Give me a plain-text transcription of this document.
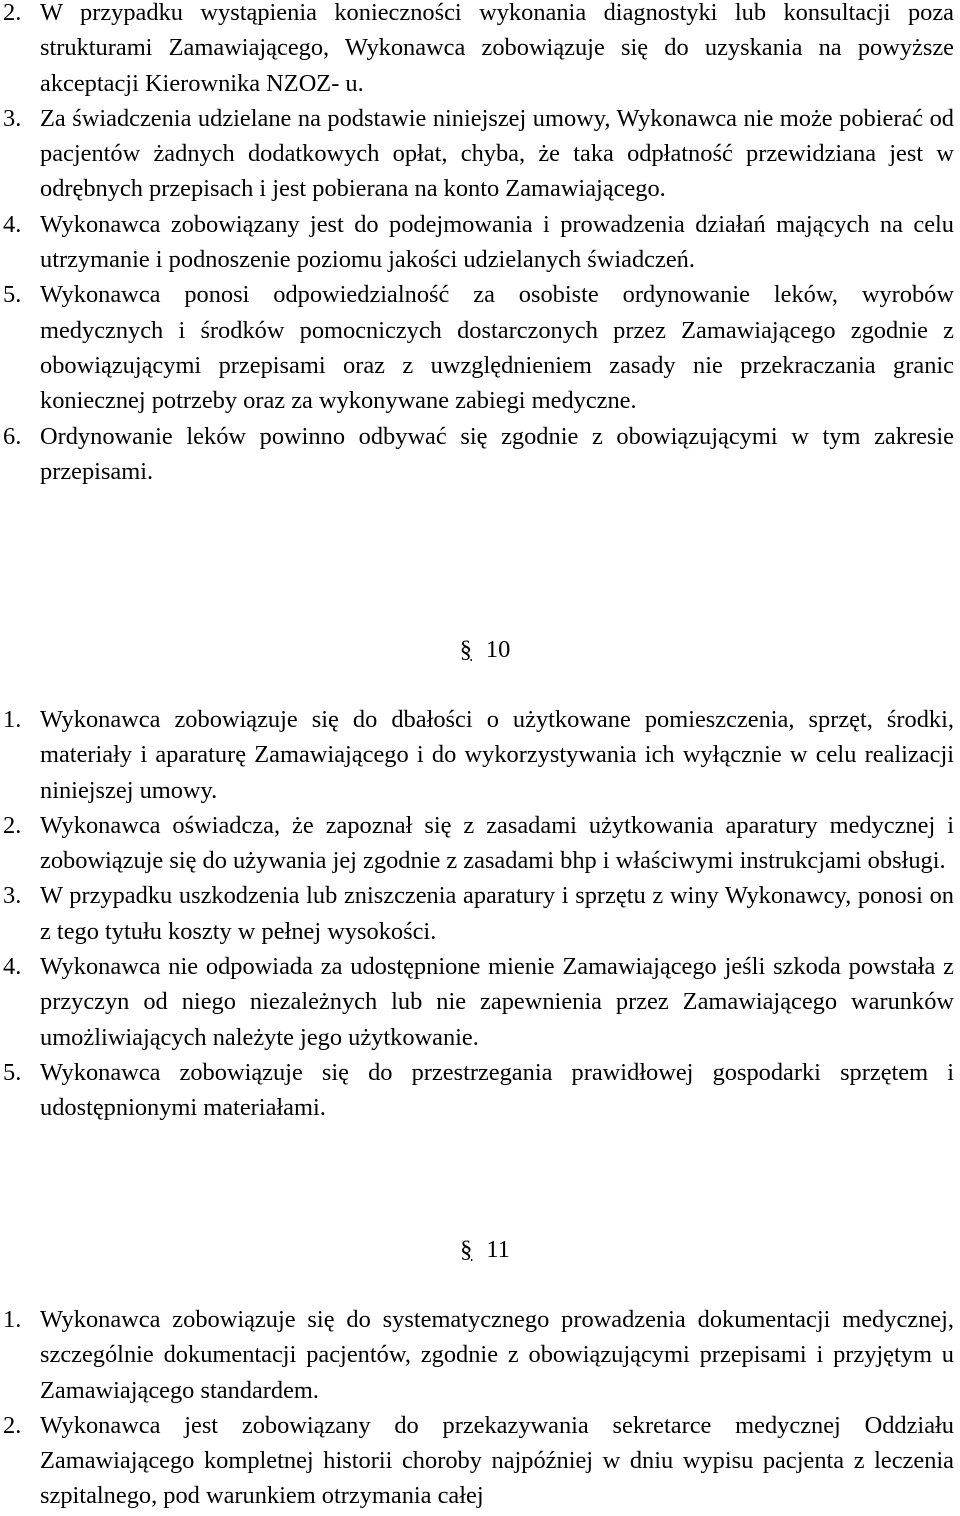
2. W przypadku wystąpienia konieczności wykonania diagnostyki lub konsultacji poza strukturami Zamawiającego, Wykonawca zobowiązuje się do uzyskania na powyższe akceptacji Kierownika NZOZ- u.
3. Za świadczenia udzielane na podstawie niniejszej umowy, Wykonawca nie może pobierać od pacjentów żadnych dodatkowych opłat, chyba, że taka odpłatność przewidziana jest w odrębnych przepisach i jest pobierana na konto Zamawiającego.
4. Wykonawca zobowiązany jest do podejmowania i prowadzenia działań mających na celu utrzymanie i podnoszenie poziomu jakości udzielanych świadczeń.
5. Wykonawca ponosi odpowiedzialność za osobiste ordynowanie leków, wyrobów medycznych i środków pomocniczych dostarczonych przez Zamawiającego zgodnie z obowiązującymi przepisami oraz z uwzględnieniem zasady nie przekraczania granic koniecznej potrzeby oraz za wykonywane zabiegi medyczne.
6. Ordynowanie leków powinno odbywać się zgodnie z obowiązującymi w tym zakresie przepisami.
§ 10
1. Wykonawca zobowiązuje się do dbałości o użytkowane pomieszczenia, sprzęt, środki, materiały i aparaturę Zamawiającego i do wykorzystywania ich wyłącznie w celu realizacji niniejszej umowy.
2. Wykonawca oświadcza, że zapoznał się z zasadami użytkowania aparatury medycznej i zobowiązuje się do używania jej zgodnie z zasadami bhp i właściwymi instrukcjami obsługi.
3. W przypadku uszkodzenia lub zniszczenia aparatury i sprzętu z winy Wykonawcy, ponosi on z tego tytułu koszty w pełnej wysokości.
4. Wykonawca nie odpowiada za udostępnione mienie Zamawiającego jeśli szkoda powstała z przyczyn od niego niezależnych lub nie zapewnienia przez Zamawiającego warunków umożliwiających należyte jego użytkowanie.
5. Wykonawca zobowiązuje się do przestrzegania prawidłowej gospodarki sprzętem i udostępnionymi materiałami.
§ 11
1. Wykonawca zobowiązuje się do systematycznego prowadzenia dokumentacji medycznej, szczególnie dokumentacji pacjentów, zgodnie z obowiązującymi przepisami i przyjętym u Zamawiającego standardem.
2. Wykonawca jest zobowiązany do przekazywania sekretarce medycznej Oddziału Zamawiającego kompletnej historii choroby najpóźniej w dniu wypisu pacjenta z leczenia szpitalnego, pod warunkiem otrzymania całej
